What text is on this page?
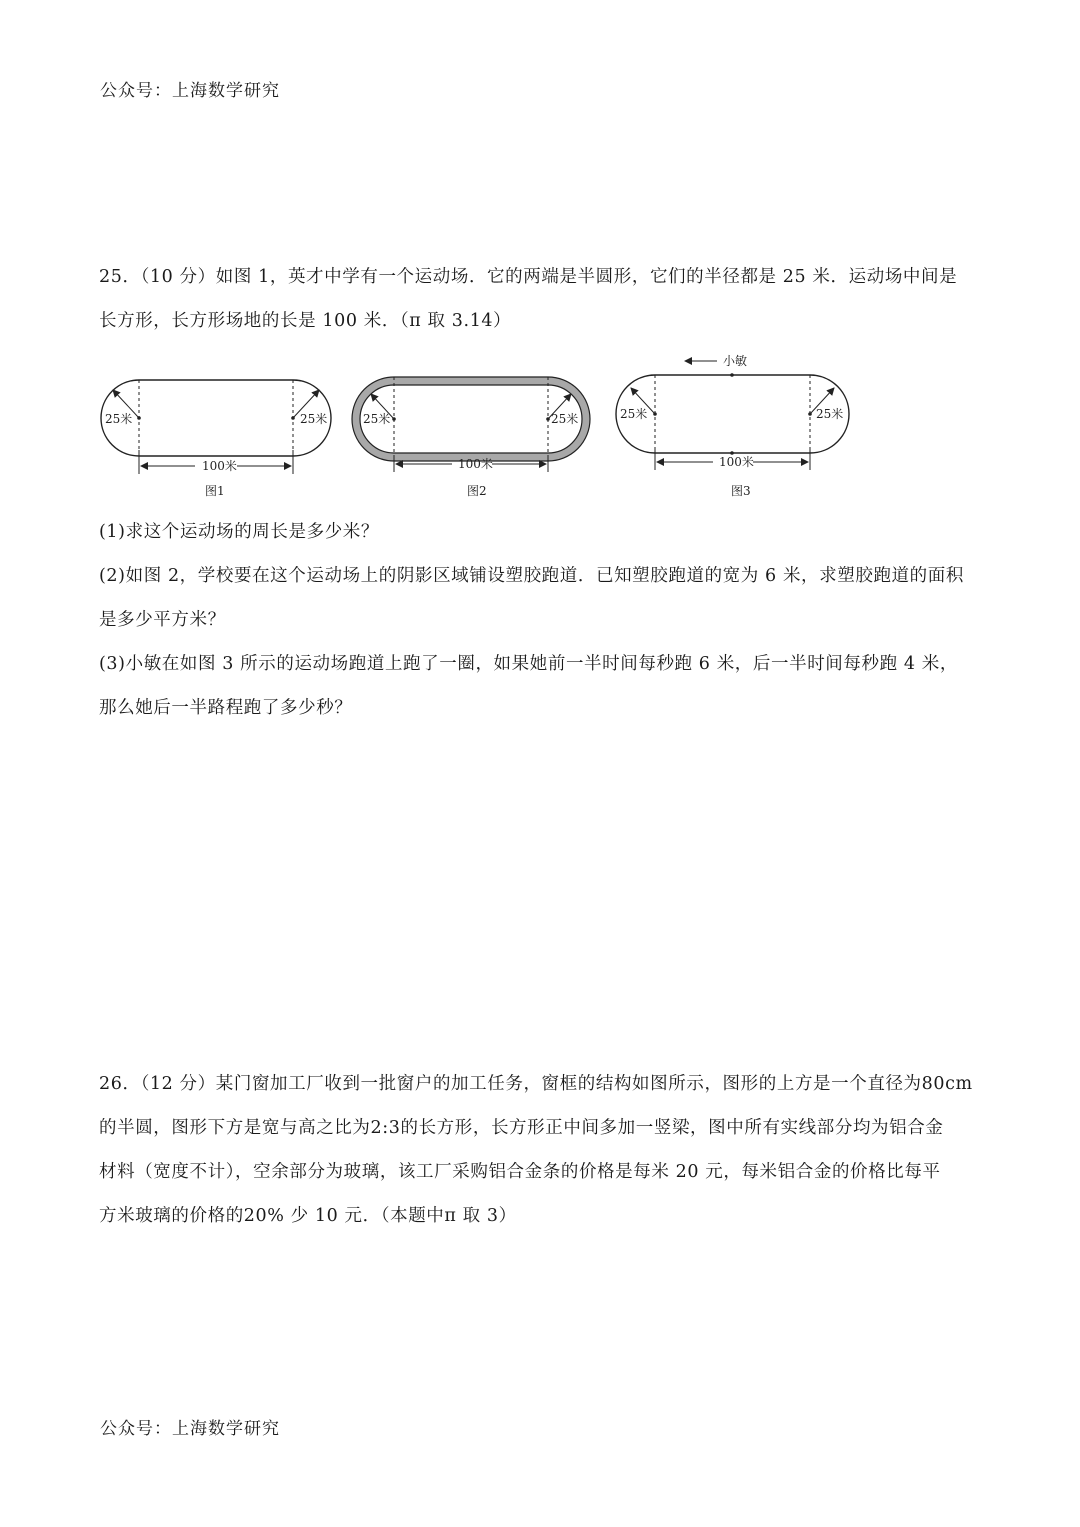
公众号：上海数学研究
25．（10 分）如图 1，英才中学有一个运动场．它的两端是半圆形，它们的半径都是 25 米．运动场中间是
长方形，长方形场地的长是 100 米．（π 取 3.14）
25米	25米
100米
图1
25米	25米
100米
图2
25米	25米
小敏
100米
图3
(1)求这个运动场的周长是多少米？
(2)如图 2，学校要在这个运动场上的阴影区域铺设塑胶跑道．已知塑胶跑道的宽为 6 米，求塑胶跑道的面积
是多少平方米？
(3)小敏在如图 3 所示的运动场跑道上跑了一圈，如果她前一半时间每秒跑 6 米，后一半时间每秒跑 4 米，
那么她后一半路程跑了多少秒？
26．（12 分）某门窗加工厂收到一批窗户的加工任务，窗框的结构如图所示，图形的上方是一个直径为80cm
的半圆，图形下方是宽与高之比为2:3的长方形，长方形正中间多加一竖梁，图中所有实线部分均为铝合金
材料（宽度不计），空余部分为玻璃，该工厂采购铝合金条的价格是每米 20 元，每米铝合金的价格比每平
方米玻璃的价格的20% 少 10 元．（本题中π 取 3）
公众号：上海数学研究
